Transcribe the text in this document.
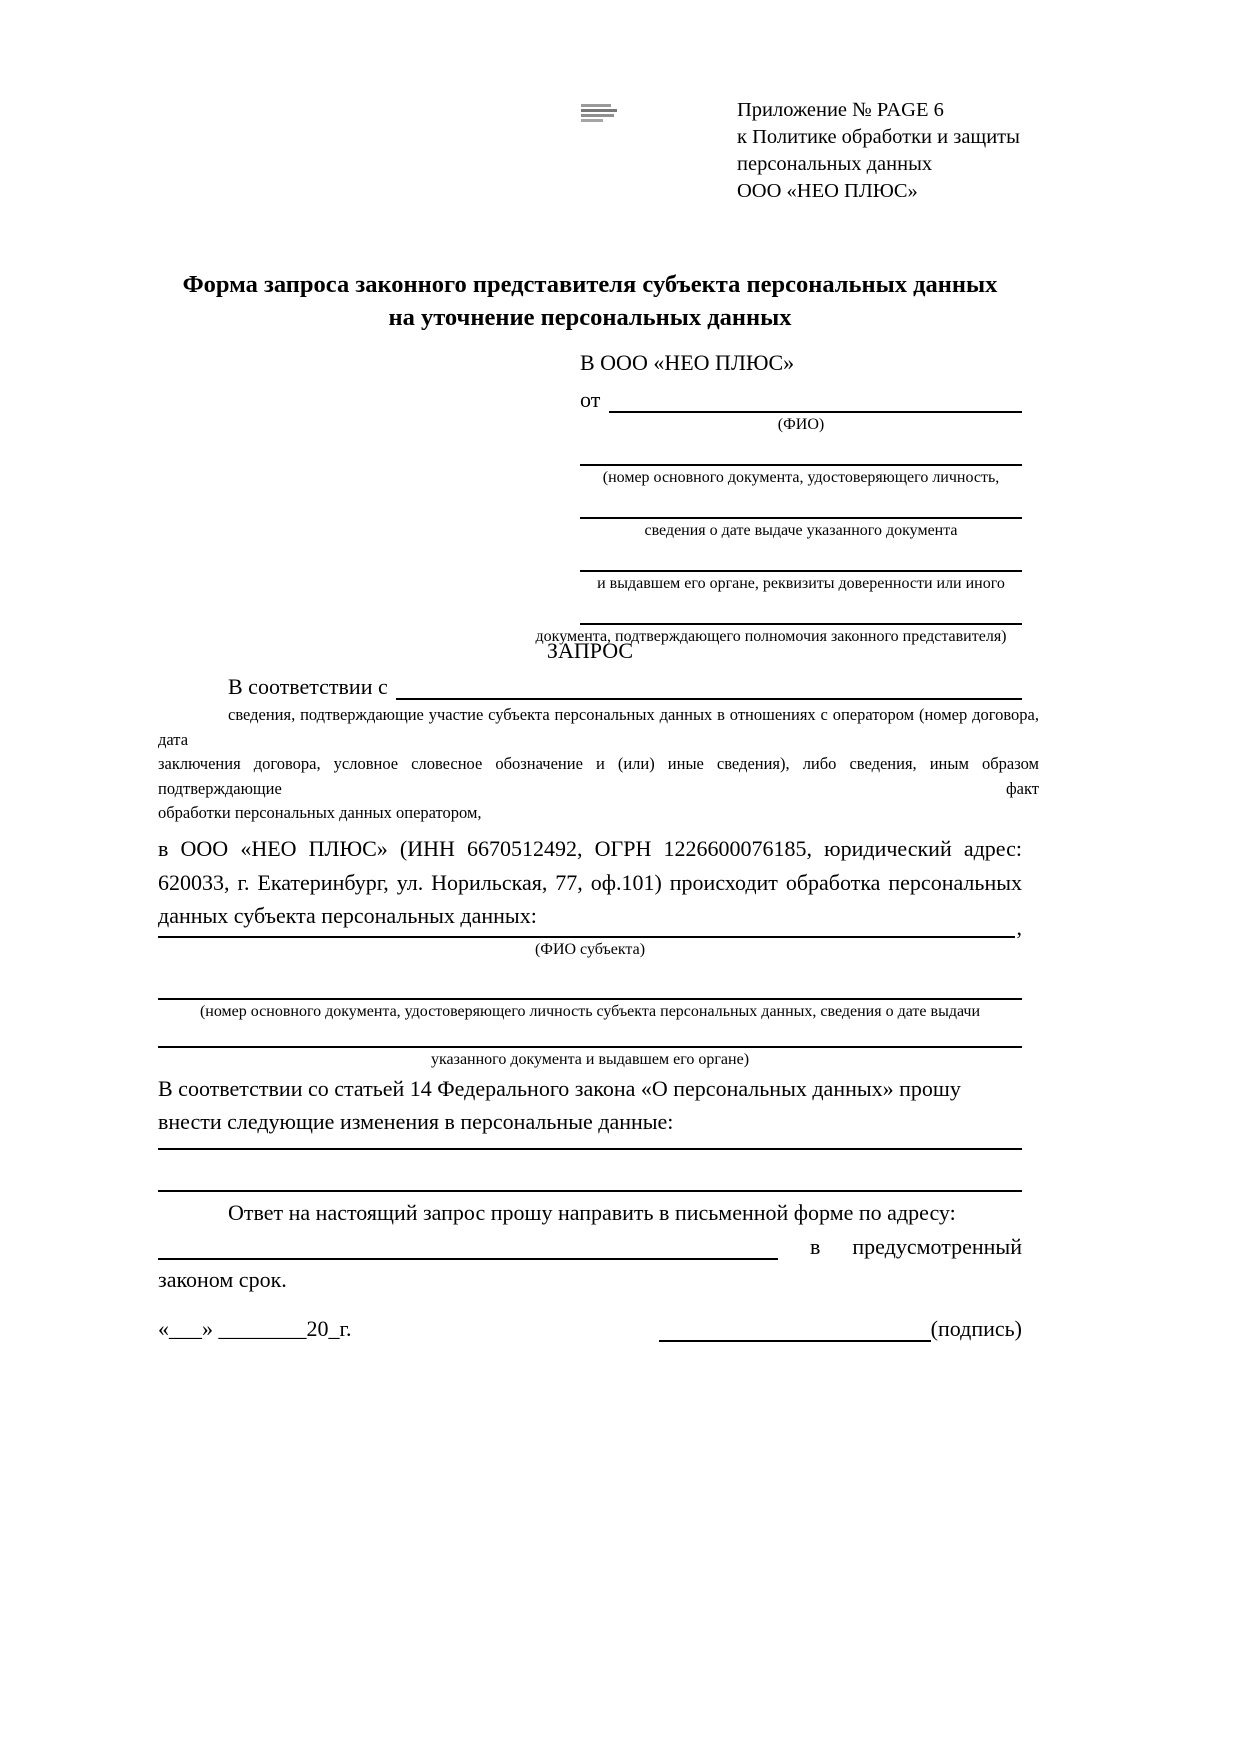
Приложение № PAGE 6
к Политике обработки и защиты
персональных данных
ООО «НЕО ПЛЮС»
Форма запроса законного представителя субъекта персональных данных
на уточнение персональных данных
В ООО «НЕО ПЛЮС»
от
(ФИО)
(номер основного документа, удостоверяющего личность,
сведения о дате выдаче указанного документа
и выдавшем его органе, реквизиты доверенности или иного
документа, подтверждающего полномочия законного представителя)
ЗАПРОС
В соответствии с
сведения, подтверждающие участие субъекта персональных данных в отношениях с оператором (номер договора, дата
заключения договора, условное словесное обозначение и (или) иные сведения), либо сведения, иным образом подтверждающие факт
обработки персональных данных оператором,
в ООО «НЕО ПЛЮС» (ИНН 6670512492, ОГРН 1226600076185, юридический адрес:
620033, г. Екатеринбург, ул. Норильская, 77, оф.101) происходит обработка персональных
данных субъекта персональных данных:	,
(ФИО субъекта)
(номер основного документа, удостоверяющего личность субъекта персональных данных, сведения о дате выдачи
указанного документа и выдавшем его органе)
В соответствии со статьей 14 Федерального закона «О персональных данных» прошу
внести следующие изменения в персональные данные:
Ответ на настоящий запрос прошу направить в письменной форме по адресу:
в предусмотренный
законом срок.
«___» ________20_г.	(подпись)
